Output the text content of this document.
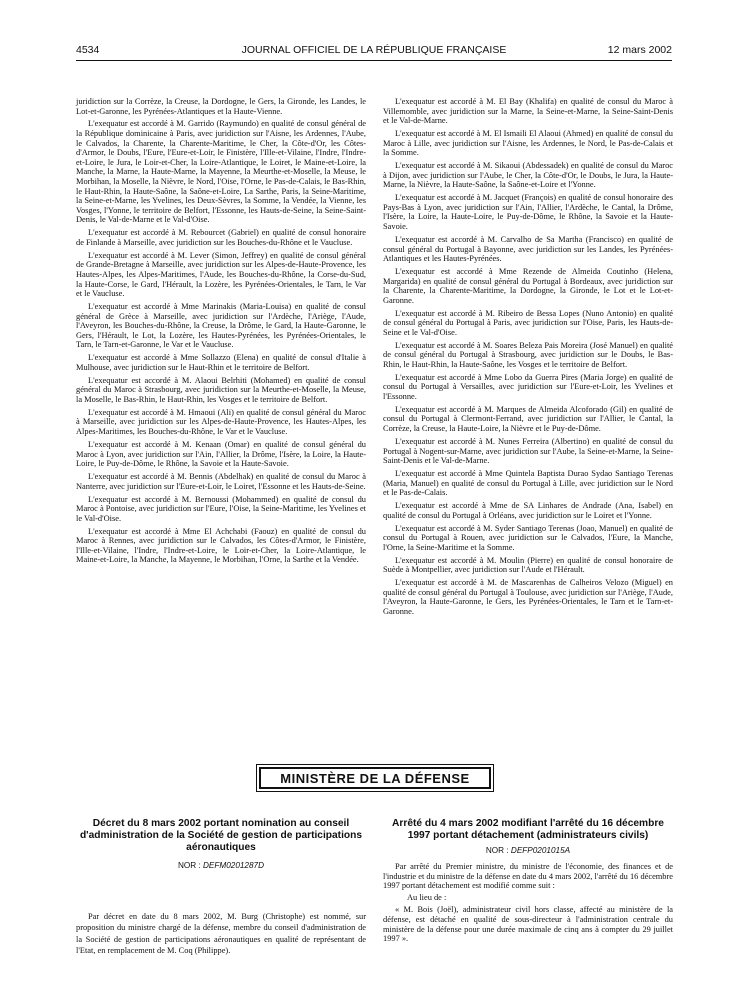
4534	JOURNAL OFFICIEL DE LA RÉPUBLIQUE FRANÇAISE	12 mars 2002

juridiction sur la Corrèze, la Creuse, la Dordogne, le Gers, la Gironde, les Landes, le Lot-et-Garonne, les Pyrénées-Atlantiques et la Haute-Vienne.

L'exequatur est accordé à M. Garrido (Raymundo) en qualité de consul général de la République dominicaine à Paris, avec juridiction sur l'Aisne, les Ardennes, l'Aube, le Calvados, la Charente, la Charente-Maritime, le Cher, la Côte-d'Or, les Côtes-d'Armor, le Doubs, l'Eure, l'Eure-et-Loir, le Finistère, l'Ille-et-Vilaine, l'Indre, l'Indre-et-Loire, le Jura, le Loir-et-Cher, la Loire-Atlantique, le Loiret, le Maine-et-Loire, la Manche, la Marne, la Haute-Marne, la Mayenne, la Meurthe-et-Moselle, la Meuse, le Morbihan, la Moselle, la Nièvre, le Nord, l'Oise, l'Orne, le Pas-de-Calais, le Bas-Rhin, le Haut-Rhin, la Haute-Saône, la Saône-et-Loire, La Sarthe, Paris, la Seine-Maritime, la Seine-et-Marne, les Yvelines, les Deux-Sèvres, la Somme, la Vendée, la Vienne, les Vosges, l'Yonne, le territoire de Belfort, l'Essonne, les Hauts-de-Seine, la Seine-Saint-Denis, le Val-de-Marne et le Val-d'Oise.

L'exequatur est accordé à M. Rebourcet (Gabriel) en qualité de consul honoraire de Finlande à Marseille, avec juridiction sur les Bouches-du-Rhône et le Vaucluse.

L'exequatur est accordé à M. Lever (Simon, Jeffrey) en qualité de consul général de Grande-Bretagne à Marseille, avec juridiction sur les Alpes-de-Haute-Provence, les Hautes-Alpes, les Alpes-Maritimes, l'Aude, les Bouches-du-Rhône, la Corse-du-Sud, la Haute-Corse, le Gard, l'Hérault, la Lozère, les Pyrénées-Orientales, le Tarn, le Var et le Vaucluse.

L'exequatur est accordé à Mme Marinakis (Maria-Louisa) en qualité de consul général de Grèce à Marseille, avec juridiction sur l'Ardèche, l'Ariège, l'Aude, l'Aveyron, les Bouches-du-Rhône, la Creuse, la Drôme, le Gard, la Haute-Garonne, le Gers, l'Hérault, le Lot, la Lozère, les Hautes-Pyrénées, les Pyrénées-Orientales, le Tarn, le Tarn-et-Garonne, le Var et le Vaucluse.

L'exequatur est accordé à Mme Sollazzo (Elena) en qualité de consul d'Italie à Mulhouse, avec juridiction sur le Haut-Rhin et le territoire de Belfort.

L'exequatur est accordé à M. Alaoui Belrhiti (Mohamed) en qualité de consul général du Maroc à Strasbourg, avec juridiction sur la Meurthe-et-Moselle, la Meuse, la Moselle, le Bas-Rhin, le Haut-Rhin, les Vosges et le territoire de Belfort.

L'exequatur est accordé à M. Hmaoui (Ali) en qualité de consul général du Maroc à Marseille, avec juridiction sur les Alpes-de-Haute-Provence, les Hautes-Alpes, les Alpes-Maritimes, les Bouches-du-Rhône, le Var et le Vaucluse.

L'exequatur est accordé à M. Kenaan (Omar) en qualité de consul général du Maroc à Lyon, avec juridiction sur l'Ain, l'Allier, la Drôme, l'Isère, la Loire, la Haute-Loire, le Puy-de-Dôme, le Rhône, la Savoie et la Haute-Savoie.

L'exequatur est accordé à M. Bennis (Abdelhak) en qualité de consul du Maroc à Nanterre, avec juridiction sur l'Eure-et-Loir, le Loiret, l'Essonne et les Hauts-de-Seine.

L'exequatur est accordé à M. Bernoussi (Mohammed) en qualité de consul du Maroc à Pontoise, avec juridiction sur l'Eure, l'Oise, la Seine-Maritime, les Yvelines et le Val-d'Oise.

L'exequatur est accordé à Mme El Achchabi (Faouz) en qualité de consul du Maroc à Rennes, avec juridiction sur le Calvados, les Côtes-d'Armor, le Finistère, l'Ille-et-Vilaine, l'Indre, l'Indre-et-Loire, le Loir-et-Cher, la Loire-Atlantique, le Maine-et-Loire, la Manche, la Mayenne, le Morbihan, l'Orne, la Sarthe et la Vendée.

L'exequatur est accordé à M. El Bay (Khalifa) en qualité de consul du Maroc à Villemomble, avec juridiction sur la Marne, la Seine-et-Marne, la Seine-Saint-Denis et le Val-de-Marne.

L'exequatur est accordé à M. El Ismaili El Alaoui (Ahmed) en qualité de consul du Maroc à Lille, avec juridiction sur l'Aisne, les Ardennes, le Nord, le Pas-de-Calais et la Somme.

L'exequatur est accordé à M. Sikaoui (Abdessadek) en qualité de consul du Maroc à Dijon, avec juridiction sur l'Aube, le Cher, la Côte-d'Or, le Doubs, le Jura, la Haute-Marne, la Nièvre, la Haute-Saône, la Saône-et-Loire et l'Yonne.

L'exequatur est accordé à M. Jacquet (François) en qualité de consul honoraire des Pays-Bas à Lyon, avec juridiction sur l'Ain, l'Allier, l'Ardèche, le Cantal, la Drôme, l'Isère, la Loire, la Haute-Loire, le Puy-de-Dôme, le Rhône, la Savoie et la Haute-Savoie.

L'exequatur est accordé à M. Carvalho de Sa Martha (Francisco) en qualité de consul général du Portugal à Bayonne, avec juridiction sur les Landes, les Pyrénées-Atlantiques et les Hautes-Pyrénées.

L'exequatur est accordé à Mme Rezende de Almeida Coutinho (Helena, Margarida) en qualité de consul général du Portugal à Bordeaux, avec juridiction sur la Charente, la Charente-Maritime, la Dordogne, la Gironde, le Lot et le Lot-et-Garonne.

L'exequatur est accordé à M. Ribeiro de Bessa Lopes (Nuno Antonio) en qualité de consul général du Portugal à Paris, avec juridiction sur l'Oise, Paris, les Hauts-de-Seine et le Val-d'Oise.

L'exequatur est accordé à M. Soares Beleza Pais Moreira (José Manuel) en qualité de consul général du Portugal à Strasbourg, avec juridiction sur le Doubs, le Bas-Rhin, le Haut-Rhin, la Haute-Saône, les Vosges et le territoire de Belfort.

L'exequatur est accordé à Mme Lobo da Guerra Pires (Maria Jorge) en qualité de consul du Portugal à Versailles, avec juridiction sur l'Eure-et-Loir, les Yvelines et l'Essonne.

L'exequatur est accordé à M. Marques de Almeida Alcoforado (Gil) en qualité de consul du Portugal à Clermont-Ferrand, avec juridiction sur l'Allier, le Cantal, la Corrèze, la Creuse, la Haute-Loire, la Nièvre et le Puy-de-Dôme.

L'exequatur est accordé à M. Nunes Ferreira (Albertino) en qualité de consul du Portugal à Nogent-sur-Marne, avec juridiction sur l'Aube, la Seine-et-Marne, la Seine-Saint-Denis et le Val-de-Marne.

L'exequatur est accordé à Mme Quintela Baptista Durao Sydao Santiago Terenas (Maria, Manuel) en qualité de consul du Portugal à Lille, avec juridiction sur le Nord et le Pas-de-Calais.

L'exequatur est accordé à Mme de SA Linhares de Andrade (Ana, Isabel) en qualité de consul du Portugal à Orléans, avec juridiction sur le Loiret et l'Yonne.

L'exequatur est accordé à M. Syder Santiago Terenas (Joao, Manuel) en qualité de consul du Portugal à Rouen, avec juridiction sur le Calvados, l'Eure, la Manche, l'Orne, la Seine-Maritime et la Somme.

L'exequatur est accordé à M. Moulin (Pierre) en qualité de consul honoraire de Suède à Montpellier, avec juridiction sur l'Aude et l'Hérault.

L'exequatur est accordé à M. de Mascarenhas de Calheiros Velozo (Miguel) en qualité de consul général du Portugal à Toulouse, avec juridiction sur l'Ariège, l'Aude, l'Aveyron, la Haute-Garonne, le Gers, les Pyrénées-Orientales, le Tarn et le Tarn-et-Garonne.

MINISTÈRE DE LA DÉFENSE
Décret du 8 mars 2002 portant nomination au conseil d'administration de la Société de gestion de participations aéronautiques
NOR : DEFM0201287D

Par décret en date du 8 mars 2002, M. Burg (Christophe) est nommé, sur proposition du ministre chargé de la défense, membre du conseil d'administration de la Société de gestion de participations aéronautiques en qualité de représentant de l'Etat, en remplacement de M. Coq (Philippe).

Arrêté du 4 mars 2002 modifiant l'arrêté du 16 décembre 1997 portant détachement (administrateurs civils)
NOR : DEFP0201015A

Par arrêté du Premier ministre, du ministre de l'économie, des finances et de l'industrie et du ministre de la défense en date du 4 mars 2002, l'arrêté du 16 décembre 1997 portant détachement est modifié comme suit :

Au lieu de :

« M. Bois (Joël), administrateur civil hors classe, affecté au ministère de la défense, est détaché en qualité de sous-directeur à l'administration centrale du ministère de la défense pour une durée maximale de cinq ans à compter du 29 juillet 1997 ».
